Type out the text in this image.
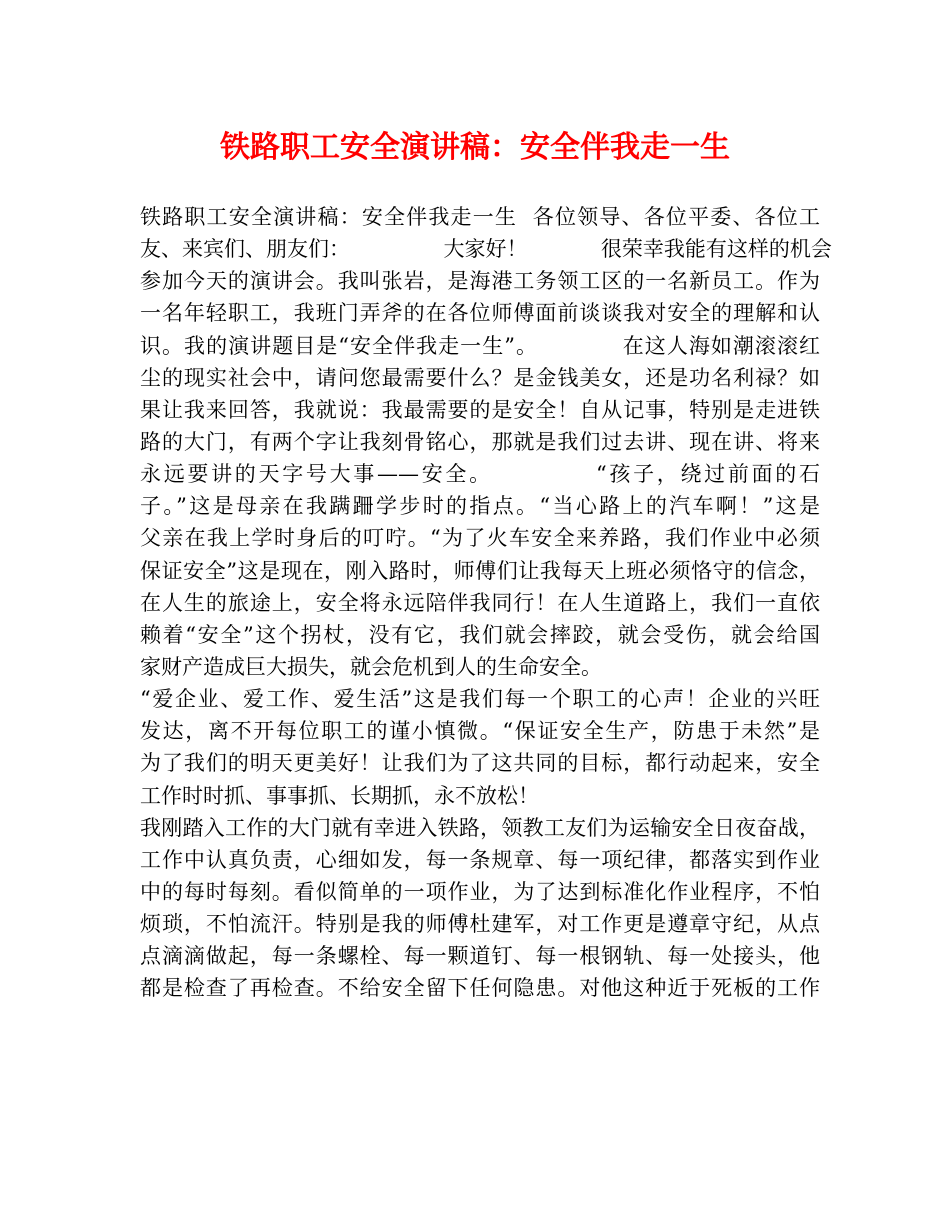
铁路职工安全演讲稿：安全伴我走一生
铁路职工安全演讲稿：安全伴我走一生  各位领导、各位平委、各位工
友、来宾们、朋友们：              大家好！           很荣幸我能有这样的机会
参加今天的演讲会。我叫张岩，是海港工务领工区的一名新员工。作为
一名年轻职工，我班门弄斧的在各位师傅面前谈谈我对安全的理解和认
识。我的演讲题目是“安全伴我走一生”。           在这人海如潮滚滚红
尘的现实社会中，请问您最需要什么？是金钱美女，还是功名利禄？如
果让我来回答，我就说：我最需要的是安全！自从记事，特别是走进铁
路的大门，有两个字让我刻骨铭心，那就是我们过去讲、现在讲、将来
永远要讲的天字号大事——安全。           “孩子，绕过前面的石
子。”这是母亲在我蹒跚学步时的指点。“当心路上的汽车啊！”这是
父亲在我上学时身后的叮咛。“为了火车安全来养路，我们作业中必须
保证安全”这是现在，刚入路时，师傅们让我每天上班必须恪守的信念，
在人生的旅途上，安全将永远陪伴我同行！在人生道路上，我们一直依
赖着“安全”这个拐杖，没有它，我们就会摔跤，就会受伤，就会给国
家财产造成巨大损失，就会危机到人的生命安全。
“爱企业、爱工作、爱生活”这是我们每一个职工的心声！企业的兴旺
发达，离不开每位职工的谨小慎微。“保证安全生产，防患于未然”是
为了我们的明天更美好！让我们为了这共同的目标，都行动起来，安全
工作时时抓、事事抓、长期抓，永不放松！
我刚踏入工作的大门就有幸进入铁路，领教工友们为运输安全日夜奋战，
工作中认真负责，心细如发，每一条规章、每一项纪律，都落实到作业
中的每时每刻。看似简单的一项作业，为了达到标准化作业程序，不怕
烦琐，不怕流汗。特别是我的师傅杜建军，对工作更是遵章守纪，从点
点滴滴做起，每一条螺栓、每一颗道钉、每一根钢轨、每一处接头，他
都是检查了再检查。不给安全留下任何隐患。对他这种近于死板的工作
